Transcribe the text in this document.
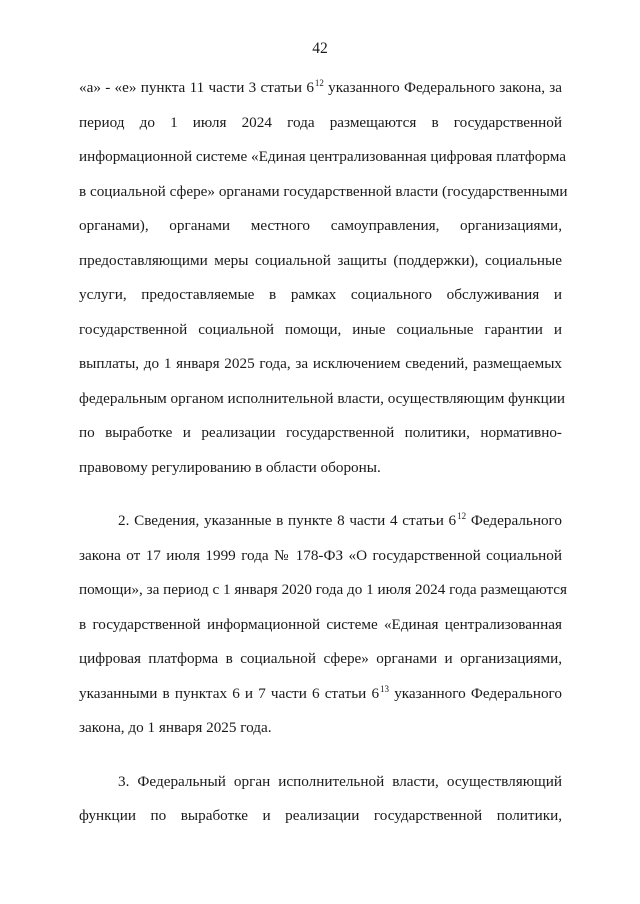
42
«а» - «е» пункта 11 части 3 статьи $6^{12}$ указанного Федерального закона, за
период до 1 июля 2024 года размещаются в государственной
информационной системе «Единая централизованная цифровая платформа
в социальной сфере» органами государственной власти (государственными
органами), органами местного самоуправления, организациями,
предоставляющими меры социальной защиты (поддержки), социальные
услуги, предоставляемые в рамках социального обслуживания и
государственной социальной помощи, иные социальные гарантии и
выплаты, до 1 января 2025 года, за исключением сведений, размещаемых
федеральным органом исполнительной власти, осуществляющим функции
по выработке и реализации государственной политики, нормативно-
правовому регулированию в области обороны.
2. Сведения, указанные в пункте 8 части 4 статьи $6^{12}$ Федерального
закона от 17 июля 1999 года № 178-ФЗ «О государственной социальной
помощи», за период с 1 января 2020 года до 1 июля 2024 года размещаются
в государственной информационной системе «Единая централизованная
цифровая платформа в социальной сфере» органами и организациями,
указанными в пунктах 6 и 7 части 6 статьи $6^{13}$ указанного Федерального
закона, до 1 января 2025 года.
3. Федеральный орган исполнительной власти, осуществляющий
функции по выработке и реализации государственной политики,
